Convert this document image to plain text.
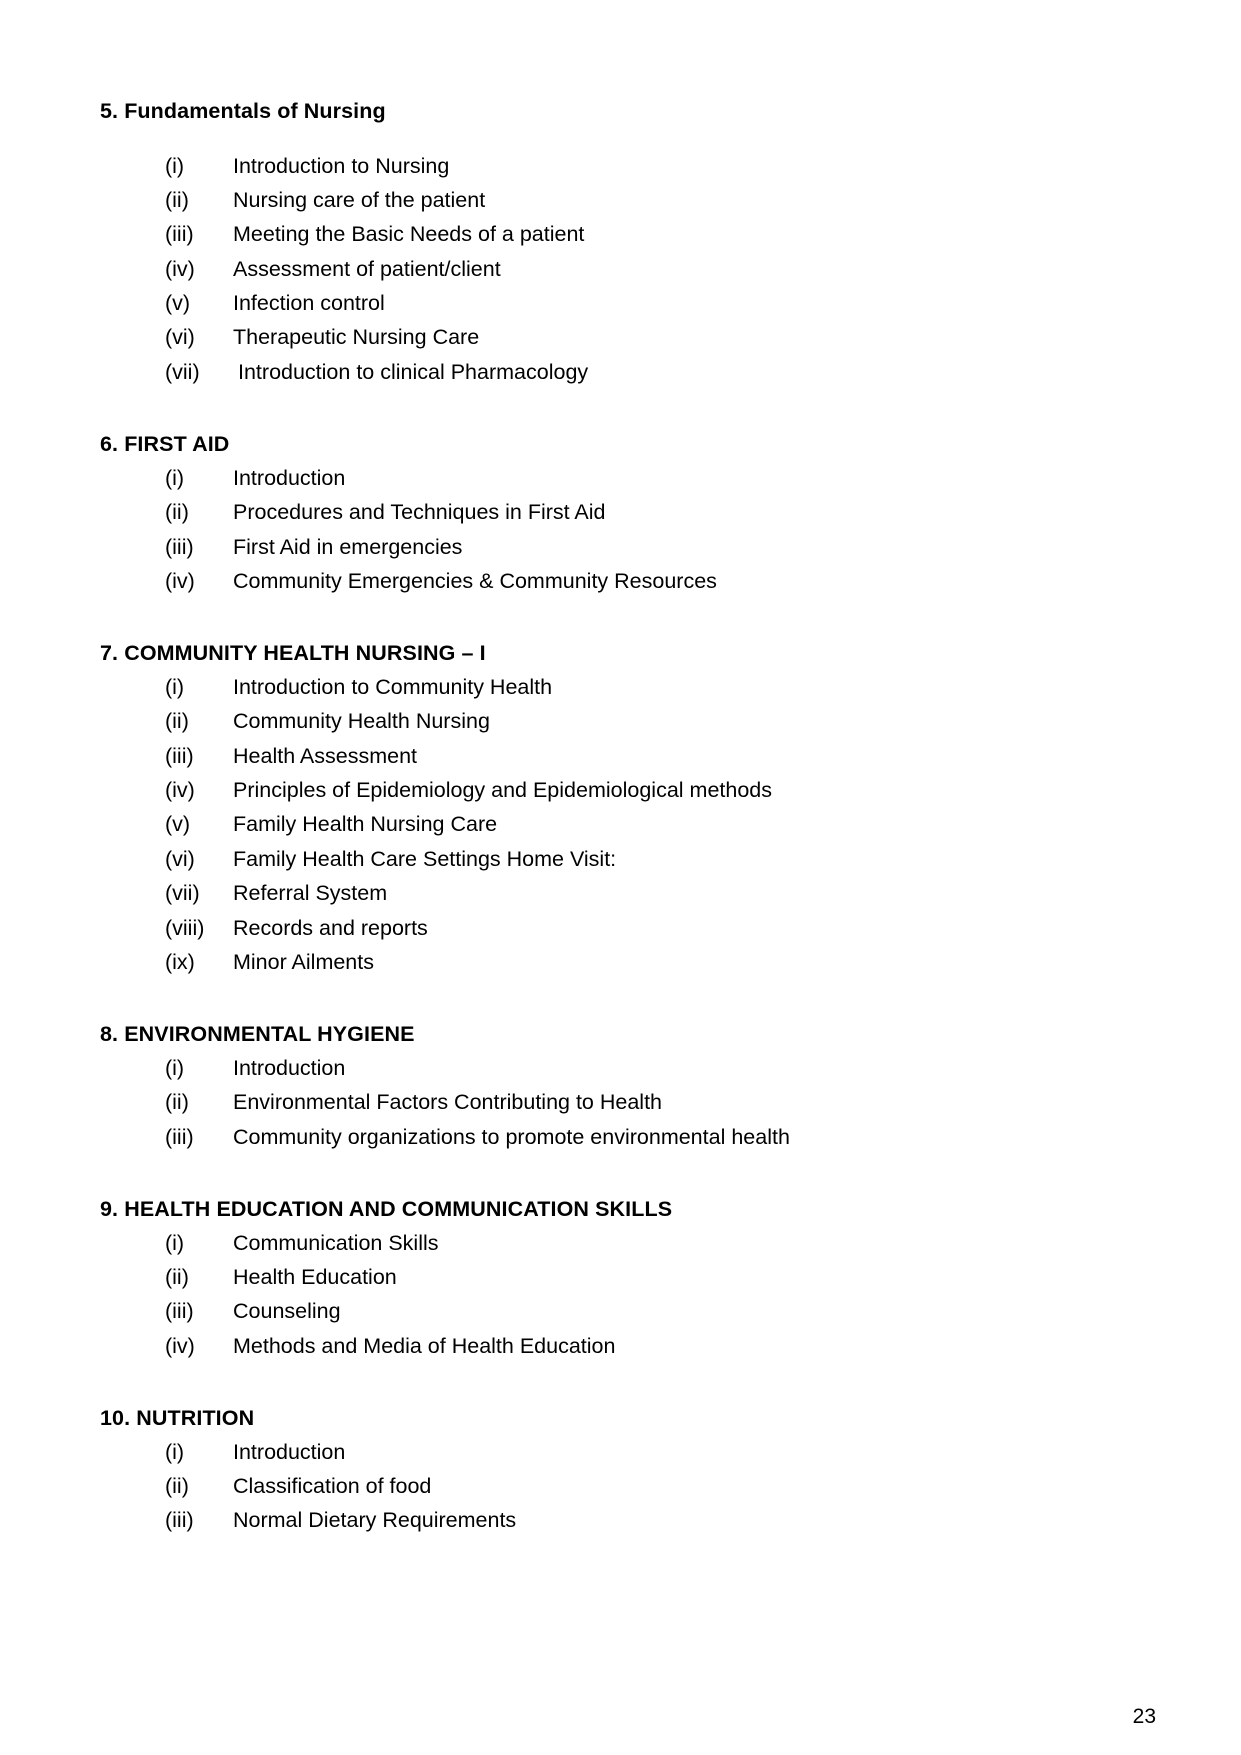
5. Fundamentals of Nursing
(i)	Introduction to Nursing
(ii)	Nursing care of the patient
(iii)	Meeting the Basic Needs of a patient
(iv)	Assessment of patient/client
(v)	Infection control
(vi)	Therapeutic Nursing Care
(vii)	Introduction to clinical Pharmacology
6. FIRST AID
(i)	Introduction
(ii)	Procedures and Techniques in First Aid
(iii)	First Aid in emergencies
(iv)	Community Emergencies & Community Resources
7. COMMUNITY HEALTH NURSING – I
(i)	Introduction to Community Health
(ii)	Community Health Nursing
(iii)	Health Assessment
(iv)	Principles of Epidemiology and Epidemiological methods
(v)	Family Health Nursing Care
(vi)	Family Health Care Settings Home Visit:
(vii)	Referral System
(viii)	Records and reports
(ix)	Minor Ailments
8. ENVIRONMENTAL HYGIENE
(i)	Introduction
(ii)	Environmental Factors Contributing to Health
(iii)	Community organizations to promote environmental health
9. HEALTH EDUCATION AND COMMUNICATION SKILLS
(i)	Communication Skills
(ii)	Health Education
(iii)	Counseling
(iv)	Methods and Media of Health Education
10. NUTRITION
(i)	Introduction
(ii)	Classification of food
(iii)	Normal Dietary Requirements
23
